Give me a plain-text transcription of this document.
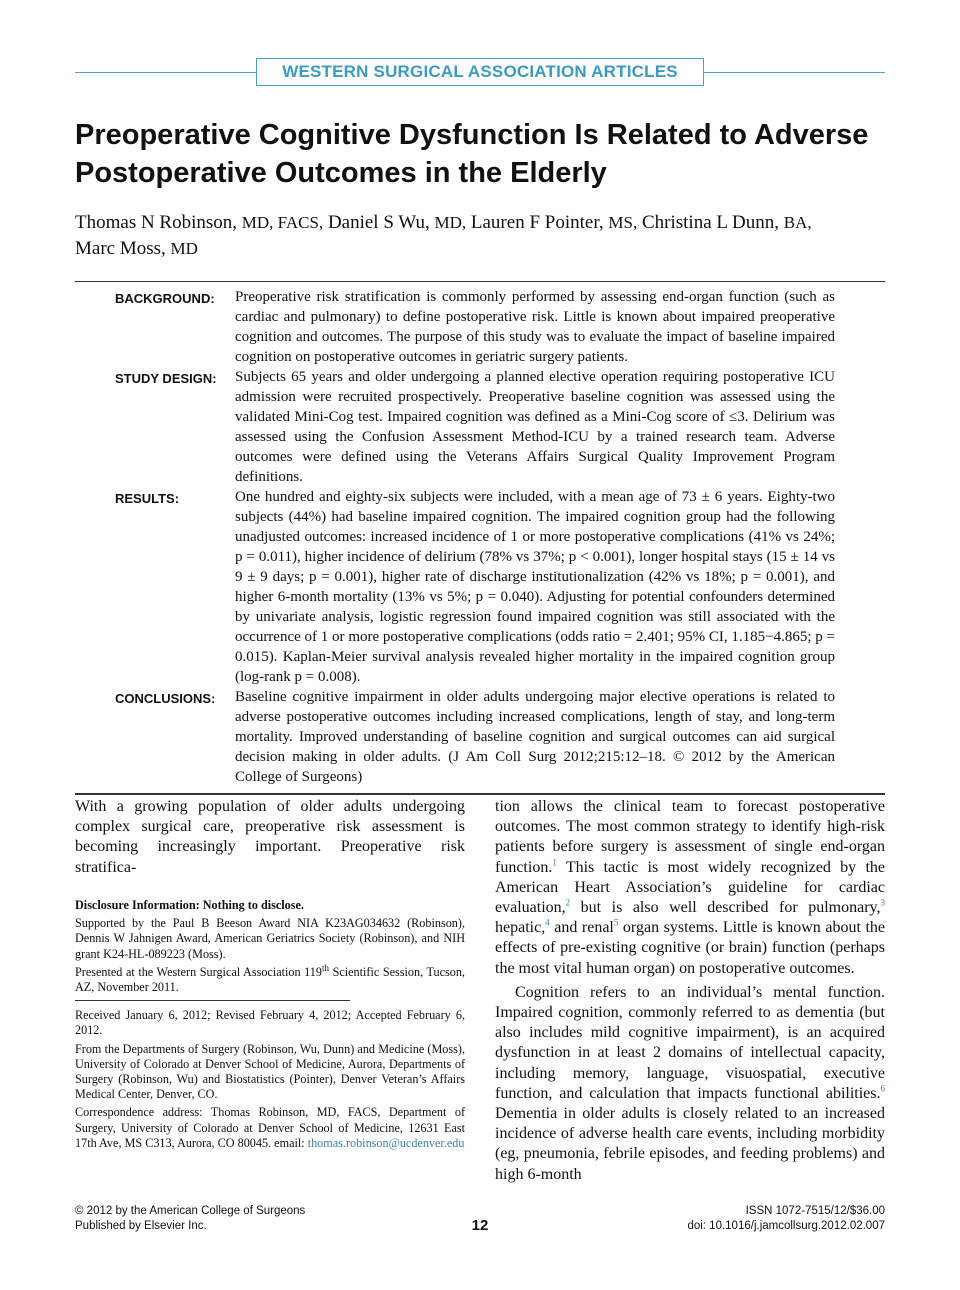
WESTERN SURGICAL ASSOCIATION ARTICLES
Preoperative Cognitive Dysfunction Is Related to Adverse Postoperative Outcomes in the Elderly
Thomas N Robinson, MD, FACS, Daniel S Wu, MD, Lauren F Pointer, MS, Christina L Dunn, BA,
Marc Moss, MD
BACKGROUND:	Preoperative risk stratification is commonly performed by assessing end-organ function (such as cardiac and pulmonary) to define postoperative risk. Little is known about impaired preoperative cognition and outcomes. The purpose of this study was to evaluate the impact of baseline impaired cognition on postoperative outcomes in geriatric surgery patients.
STUDY DESIGN:	Subjects 65 years and older undergoing a planned elective operation requiring postoperative ICU admission were recruited prospectively. Preoperative baseline cognition was assessed using the validated Mini-Cog test. Impaired cognition was defined as a Mini-Cog score of ≤3. Delirium was assessed using the Confusion Assessment Method-ICU by a trained research team. Adverse outcomes were defined using the Veterans Affairs Surgical Quality Improvement Program definitions.
RESULTS:	One hundred and eighty-six subjects were included, with a mean age of 73 ± 6 years. Eighty-two subjects (44%) had baseline impaired cognition. The impaired cognition group had the following unadjusted outcomes: increased incidence of 1 or more postoperative complications (41% vs 24%; p = 0.011), higher incidence of delirium (78% vs 37%; p < 0.001), longer hospital stays (15 ± 14 vs 9 ± 9 days; p = 0.001), higher rate of discharge institutionalization (42% vs 18%; p = 0.001), and higher 6-month mortality (13% vs 5%; p = 0.040). Adjusting for potential confounders determined by univariate analysis, logistic regression found impaired cognition was still associated with the occurrence of 1 or more postoperative complications (odds ratio = 2.401; 95% CI, 1.185−4.865; p = 0.015). Kaplan-Meier survival analysis revealed higher mortality in the impaired cognition group (log-rank p = 0.008).
CONCLUSIONS:	Baseline cognitive impairment in older adults undergoing major elective operations is related to adverse postoperative outcomes including increased complications, length of stay, and long-term mortality. Improved understanding of baseline cognition and surgical outcomes can aid surgical decision making in older adults. (J Am Coll Surg 2012;215:12–18. © 2012 by the American College of Surgeons)

With a growing population of older adults undergoing complex surgical care, preoperative risk assessment is becoming increasingly important. Preoperative risk stratifica-

Disclosure Information: Nothing to disclose.

Supported by the Paul B Beeson Award NIA K23AG034632 (Robinson), Dennis W Jahnigen Award, American Geriatrics Society (Robinson), and NIH grant K24-HL-089223 (Moss).

Presented at the Western Surgical Association 119th Scientific Session, Tucson, AZ, November 2011.

Received January 6, 2012; Revised February 4, 2012; Accepted February 6, 2012.

From the Departments of Surgery (Robinson, Wu, Dunn) and Medicine (Moss), University of Colorado at Denver School of Medicine, Aurora, Departments of Surgery (Robinson, Wu) and Biostatistics (Pointer), Denver Veteran’s Affairs Medical Center, Denver, CO.

Correspondence address: Thomas Robinson, MD, FACS, Department of Surgery, University of Colorado at Denver School of Medicine, 12631 East 17th Ave, MS C313, Aurora, CO 80045. email: thomas.robinson@ucdenver.edu

tion allows the clinical team to forecast postoperative outcomes. The most common strategy to identify high-risk patients before surgery is assessment of single end-organ function.$^1$ This tactic is most widely recognized by the American Heart Association’s guideline for cardiac evaluation,$^2$ but is also well described for pulmonary,$^3$ hepatic,$^4$ and renal$^5$ organ systems. Little is known about the effects of pre-existing cognitive (or brain) function (perhaps the most vital human organ) on postoperative outcomes.

Cognition refers to an individual’s mental function. Impaired cognition, commonly referred to as dementia (but also includes mild cognitive impairment), is an acquired dysfunction in at least 2 domains of intellectual capacity, including memory, language, visuospatial, executive function, and calculation that impacts functional abilities.$^6$ Dementia in older adults is closely related to an increased incidence of adverse health care events, including morbidity (eg, pneumonia, febrile episodes, and feeding problems) and high 6-month

© 2012 by the American College of Surgeons
Published by Elsevier Inc.	12
ISSN 1072-7515/12/$36.00
doi: 10.1016/j.jamcollsurg.2012.02.007
